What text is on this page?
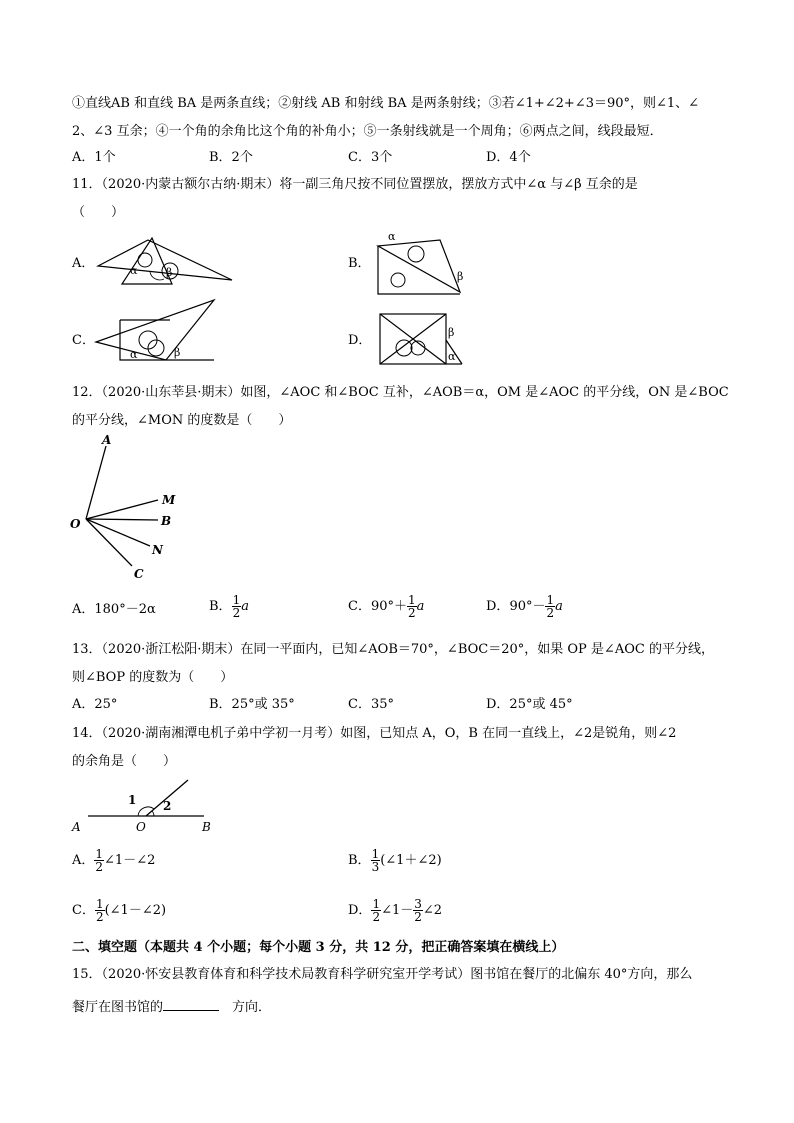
①直线AB 和直线 BA 是两条直线；②射线 AB 和射线 BA 是两条射线；③若∠1+∠2+∠3＝90°，则∠1、∠
2、∠3 互余；④一个角的余角比这个角的补角小；⑤一条射线就是一个周角；⑥两点之间，线段最短．
A．1个	B．2个	C．3个	D．4个
11．（2020·内蒙古额尔古纳·期末）将一副三角尺按不同位置摆放，摆放方式中∠α 与∠β 互余的是
（　　）
A．	α	β
B．
α
β
C．
α	β
D．
β
α
12．（2020·山东莘县·期末）如图，∠AOC 和∠BOC 互补，∠AOB＝α，OM 是∠AOC 的平分线，ON 是∠BOC
的平分线，∠MON 的度数是（　　）
A
M
O	B
N
C
A．180°－2α	B． $\frac{1}{2}$ a	C．$90^\circ+ \frac{1}{2}$ a	D．$90^\circ- \frac{1}{2}$ a
13．（2020·浙江松阳·期末）在同一平面内，已知∠AOB＝70°，∠BOC＝20°，如果 OP 是∠AOC 的平分线，
则∠BOP 的度数为（　　）
A．25°	B．25°或 35°	C．35°	D．25°或 45°
14．（2020·湖南湘潭电机子弟中学初一月考）如图，已知点 A，O，B 在同一直线上，∠2是锐角，则∠2
的余角是（　　）
1 2
A	O	B
A． $\frac{1}{2}$ ∠1－∠2	B． $\frac{1}{3}$ (∠1＋∠2)
C． $\frac{1}{2}$ (∠1－∠2)	D． $\frac{1}{2}$ ∠1－ $\frac{3}{2}$ ∠2
二、填空题（本题共 4 个小题；每个小题 3 分，共 12 分，把正确答案填在横线上）
15．（2020·怀安县教育体育和科学技术局教育科学研究室开学考试）图书馆在餐厅的北偏东 40°方向，那么
餐厅在图书馆的	　方向．
